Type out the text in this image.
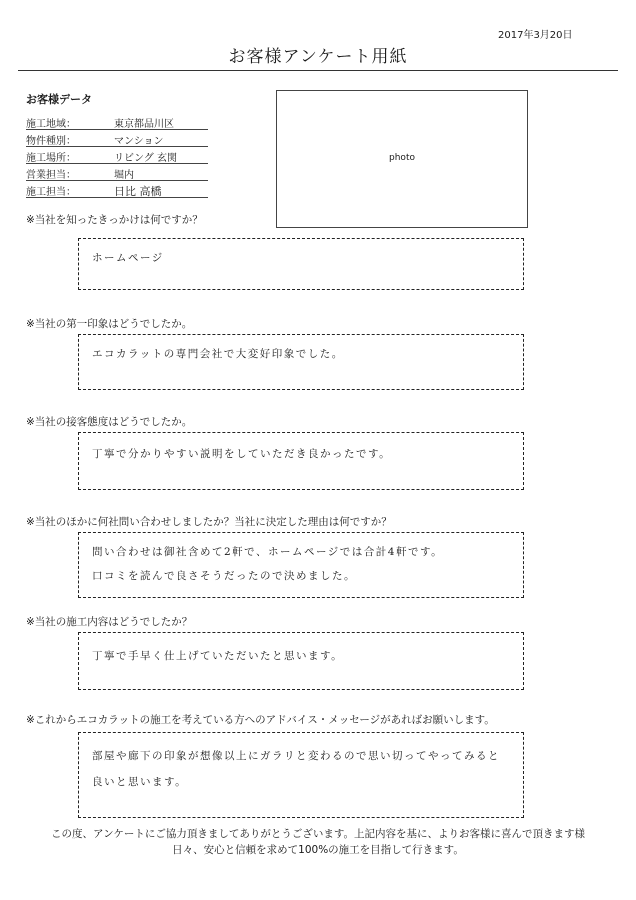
2017年3月20日
お客様アンケート用紙
お客様データ
施工地域：	東京都品川区
物件種別：	マンション
施工場所：	リビング 玄関
営業担当：	堀内
施工担当：	日比 高橋
photo
※当社を知ったきっかけは何ですか？
ホームページ
※当社の第一印象はどうでしたか。
エコカラットの専門会社で大変好印象でした。
※当社の接客態度はどうでしたか。
丁寧で分かりやすい説明をしていただき良かったです。
※当社のほかに何社問い合わせしましたか？当社に決定した理由は何ですか？
問い合わせは御社含めて2軒で、ホームページでは合計4軒です。
口コミを読んで良さそうだったので決めました。
※当社の施工内容はどうでしたか？
丁寧で手早く仕上げていただいたと思います。
※これからエコカラットの施工を考えている方へのアドバイス・メッセージがあればお願いします。
部屋や廊下の印象が想像以上にガラリと変わるので思い切ってやってみると
良いと思います。
この度、アンケートにご協力頂きましてありがとうございます。上記内容を基に、よりお客様に喜んで頂きます様
日々、安心と信頼を求めて100%の施工を目指して行きます。
